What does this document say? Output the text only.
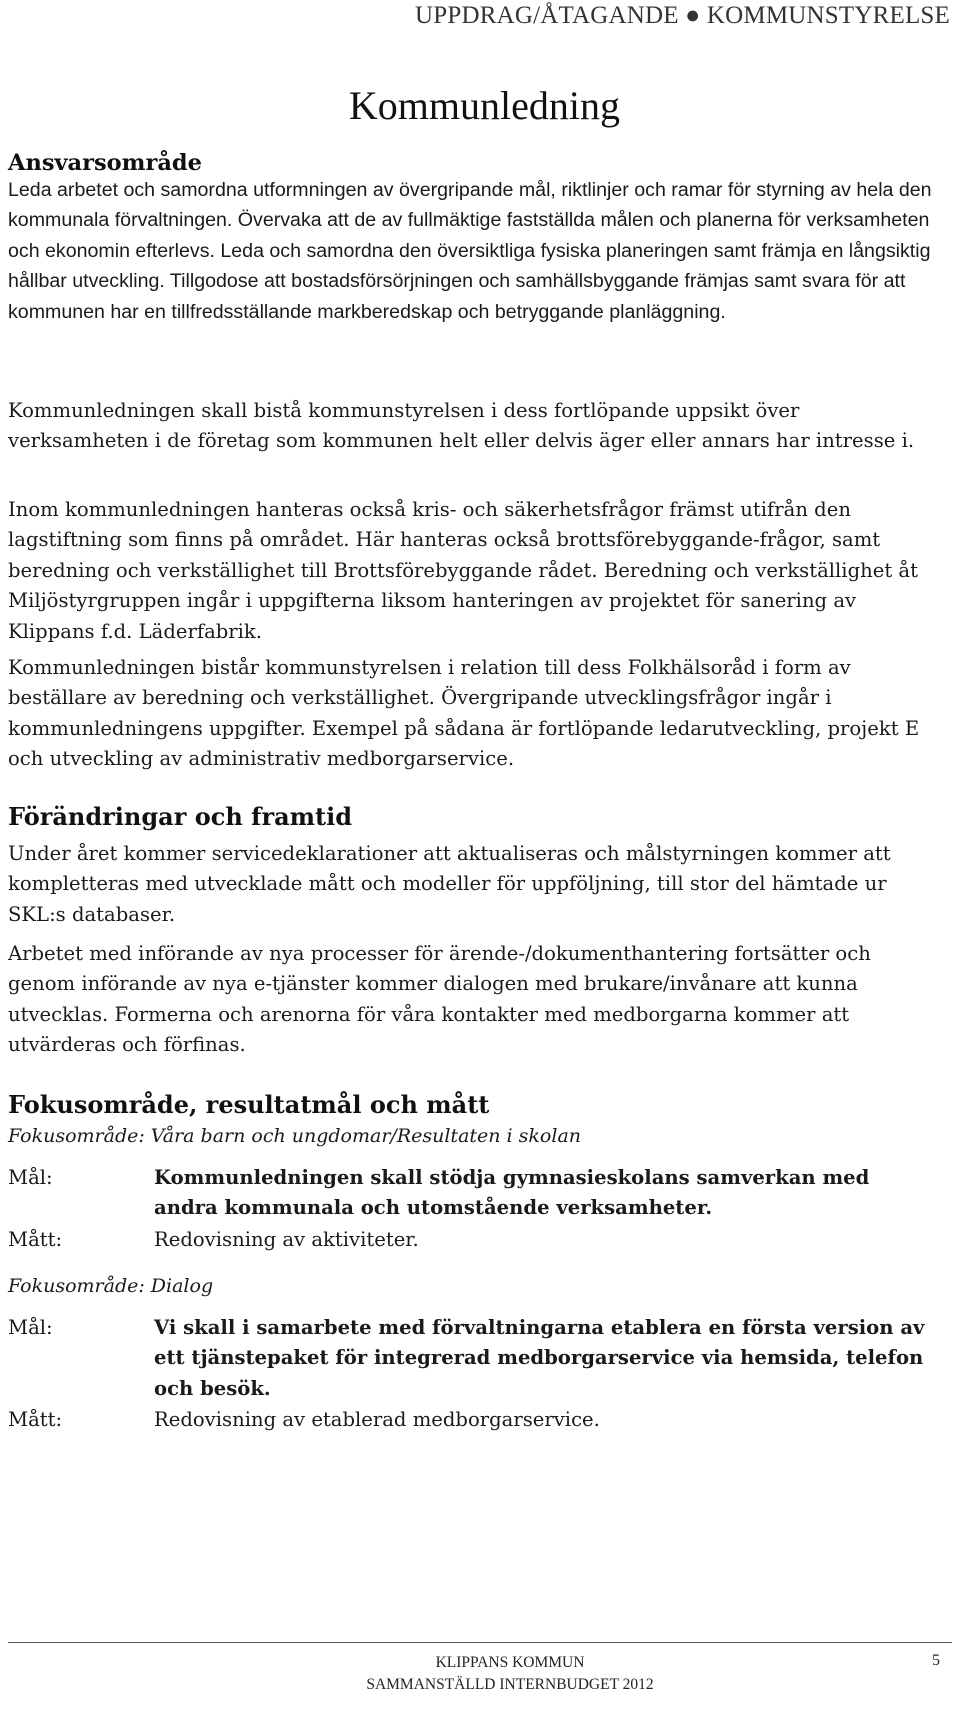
UPPDRAG/ÅTAGANDE ● KOMMUNSTYRELSE
Kommunledning
Ansvarsområde

Leda arbetet och samordna utformningen av övergripande mål, riktlinjer och ramar för styrning av hela den kommunala förvaltningen. Övervaka att de av fullmäktige fastställda målen och planerna för verksamheten och ekonomin efterlevs. Leda och samordna den översiktliga fysiska planeringen samt främja en långsiktig hållbar utveckling. Tillgodose att bostadsförsörjningen och samhällsbyggande främjas samt svara för att kommunen har en tillfredsställande markberedskap och betryggande planläggning.

Kommunledningen skall bistå kommunstyrelsen i dess fortlöpande uppsikt över verksamheten i de företag som kommunen helt eller delvis äger eller annars har intresse i.

Inom kommunledningen hanteras också kris- och säkerhetsfrågor främst utifrån den lagstiftning som finns på området. Här hanteras också brottsförebyggande-frågor, samt beredning och verkställighet till Brottsförebyggande rådet. Beredning och verkställighet åt Miljöstyrgruppen ingår i uppgifterna liksom hanteringen av projektet för sanering av Klippans f.d. Läderfabrik.

Kommunledningen bistår kommunstyrelsen i relation till dess Folkhälsoråd i form av beställare av beredning och verkställighet. Övergripande utvecklingsfrågor ingår i kommunledningens uppgifter. Exempel på sådana är fortlöpande ledarutveckling, projekt E och utveckling av administrativ medborgarservice.

Förändringar och framtid

Under året kommer servicedeklarationer att aktualiseras och målstyrningen kommer att kompletteras med utvecklade mått och modeller för uppföljning, till stor del hämtade ur SKL:s databaser.

Arbetet med införande av nya processer för ärende-/dokumenthantering fortsätter och genom införande av nya e-tjänster kommer dialogen med brukare/invånare att kunna utvecklas. Formerna och arenorna för våra kontakter med medborgarna kommer att utvärderas och förfinas.

Fokusområde, resultatmål och mått

Fokusområde: Våra barn och ungdomar/Resultaten i skolan

Mål:	Kommunledningen skall stödja gymnasieskolans samverkan med andra kommunala och utomstående verksamheter.
Mått:	Redovisning av aktiviteter.

Fokusområde: Dialog

Mål:	Vi skall i samarbete med förvaltningarna etablera en första version av ett tjänstepaket för integrerad medborgarservice via hemsida, telefon och besök.
Mått:	Redovisning av etablerad medborgarservice.
KLIPPANS KOMMUN
SAMMANSTÄLLD INTERNBUDGET 2012
5
